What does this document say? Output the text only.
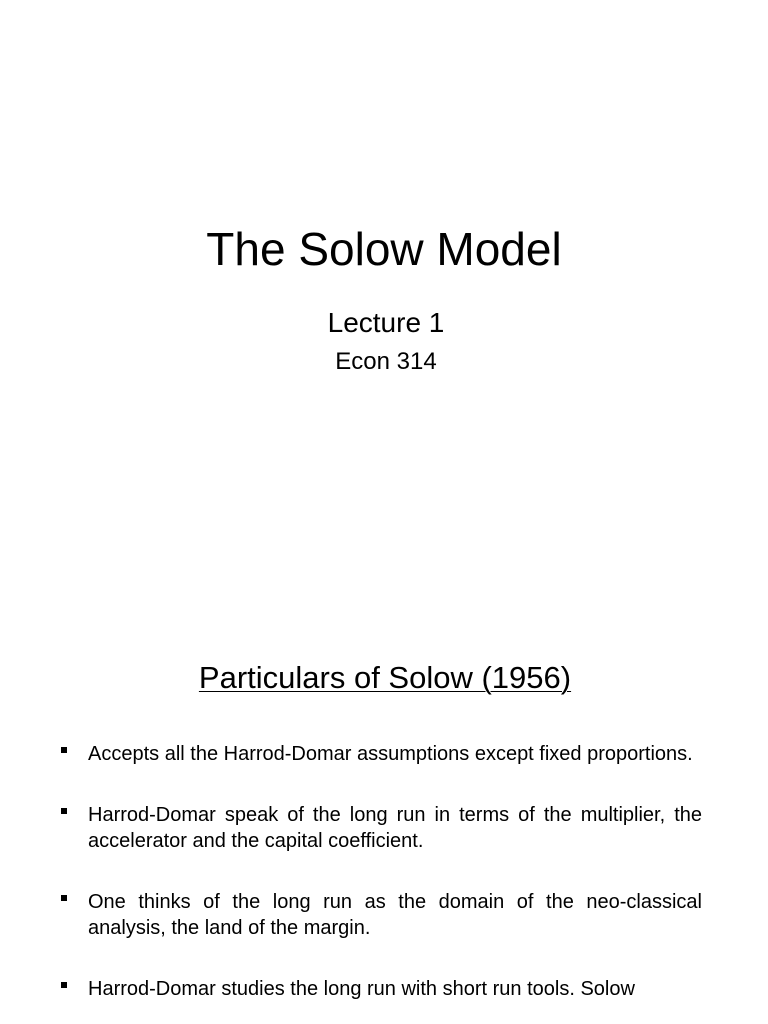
The Solow Model
Lecture 1
Econ 314
Particulars of Solow (1956)
Accepts all the Harrod-Domar assumptions except fixed proportions.
Harrod-Domar speak of the long run in terms of the multiplier, the accelerator and the capital coefficient.
One thinks of the long run as the domain of the neo-classical analysis, the land of the margin.
Harrod-Domar studies the long run with short run tools. Solow
